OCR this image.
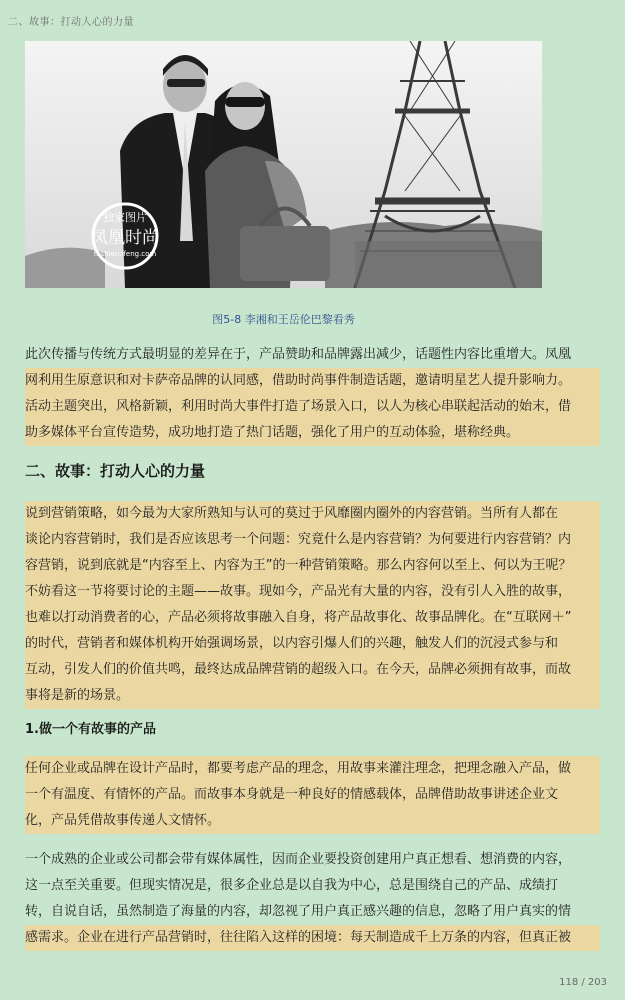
二、故事：打动人心的力量
独家图片
凤凰时尚
fashion.ifeng.com
图5-8 李湘和王岳伦巴黎看秀

此次传播与传统方式最明显的差异在于，产品赞助和品牌露出减少，话题性内容比重增大。凤凰
网利用生原意识和对卡萨帝品牌的认同感，借助时尚事件制造话题，邀请明星艺人提升影响力。
活动主题突出，风格新颖，利用时尚大事件打造了场景入口，以人为核心串联起活动的始末，借
助多媒体平台宣传造势，成功地打造了热门话题，强化了用户的互动体验，堪称经典。

二、故事：打动人心的力量

说到营销策略，如今最为大家所熟知与认可的莫过于风靡圈内圈外的内容营销。当所有人都在
谈论内容营销时，我们是否应该思考一个问题：究竟什么是内容营销？为何要进行内容营销？内
容营销，说到底就是“内容至上、内容为王”的一种营销策略。那么内容何以至上、何以为王呢？
不妨看这一节将要讨论的主题——故事。现如今，产品光有大量的内容，没有引人入胜的故事，
也难以打动消费者的心，产品必须将故事融入自身，将产品故事化、故事品牌化。在“互联网＋”
的时代，营销者和媒体机构开始强调场景，以内容引爆人们的兴趣，触发人们的沉浸式参与和
互动，引发人们的价值共鸣，最终达成品牌营销的超级入口。在今天，品牌必须拥有故事，而故
事将是新的场景。

1.做一个有故事的产品

任何企业或品牌在设计产品时，都要考虑产品的理念，用故事来灌注理念，把理念融入产品，做
一个有温度、有情怀的产品。而故事本身就是一种良好的情感载体，品牌借助故事讲述企业文
化，产品凭借故事传递人文情怀。

一个成熟的企业或公司都会带有媒体属性，因而企业要投资创建用户真正想看、想消费的内容，
这一点至关重要。但现实情况是，很多企业总是以自我为中心，总是围绕自己的产品、成绩打
转，自说自话，虽然制造了海量的内容，却忽视了用户真正感兴趣的信息，忽略了用户真实的情
感需求。企业在进行产品营销时，往往陷入这样的困境：每天制造成千上万条的内容，但真正被

118 / 203
